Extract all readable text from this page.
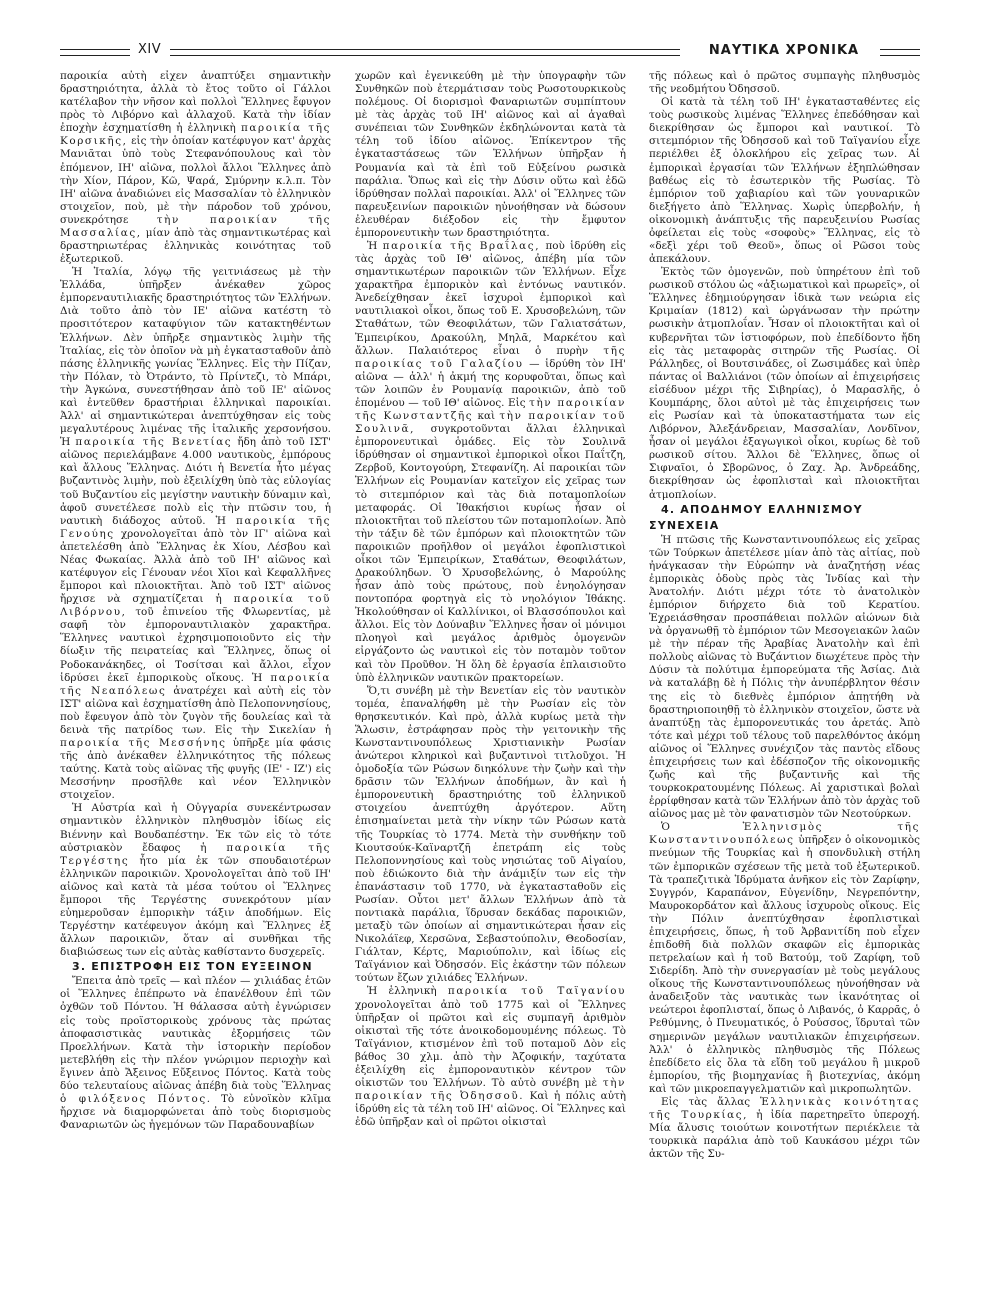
XIV	ΝΑΥΤΙΚΑ ΧΡΟΝΙΚΑ

παροικία αὐτὴ εἶχεν ἀναπτύξει σημαντικὴν δραστηριότητα, ἀλλὰ τὸ ἔτος τοῦτο οἱ Γάλλοι κατέλαβον τὴν νῆσον καὶ πολλοὶ Ἕλληνες ἔφυγον πρὸς τὸ Λιβόρνο καὶ ἀλλαχοῦ. Κατὰ τὴν ἰδίαν ἐποχὴν ἐσχηματίσθη ἡ ἑλληνικὴ παροικία τῆς Κορσικῆς, εἰς τὴν ὁποίαν κατέφυγον κατ' ἀρχὰς Μανιᾶται ὑπὸ τοὺς Στεφανόπουλους καὶ τὸν ἐπόμενον, ΙΗ' αἰῶνα, πολλοὶ ἄλλοι Ἕλληνες ἀπὸ τὴν Χίον, Πάρον, Κῶ, Ψαρά, Σμύρνην κ.λ.π. Τὸν ΙΗ' αἰῶνα ἀναδιώνει εἰς Μασσαλίαν τὸ ἑλληνικὸν στοιχεῖον, ποὺ, μὲ τὴν πάροδον τοῦ χρόνου, συνεκρότησε	τὴν παροικίαν τῆς Μασσαλίας, μίαν ἀπὸ τὰς σημαντικωτέρας καὶ δραστηριωτέρας ἑλληνικὰς κοινότητας τοῦ ἐξωτερικοῦ.

Ἡ Ἰταλία, λόγῳ τῆς γειτνιάσεως μὲ τὴν Ἑλλάδα, ὑπῆρξεν ἀνέκαθεν χῶρος ἐμπορεναυτιλιακῆς δραστηριότητος τῶν Ἑλλήνων. Διὰ τοῦτο ἀπὸ τὸν ΙΕ' αἰῶνα κατέστη τὸ προσιτότερον καταφύγιον τῶν κατακτηθέντων Ἑλλήνων. Δὲν ὑπῆρξε σημαντικὸς λιμὴν τῆς Ἰταλίας, εἰς τὸν ὁποῖον νὰ μὴ ἐγκατασταθοῦν ἀπὸ πάσης ἑλληνικῆς γωνίας Ἕλληνες. Εἰς τὴν Πίζαν, τὴν Πόλαν, τὸ Ὀτράντο, τὸ Πρίντεζι, τὸ Μπάρι, τὴν Ἀγκώνα, συνεστήθησαν ἀπὸ τοῦ ΙΕ' αἰῶνος καὶ ἐντεῦθεν δραστήριαι ἑλληνικαὶ παροικίαι. Ἀλλ' αἱ σημαντικώτεραι ἀνεπτύχθησαν εἰς τοὺς μεγαλυτέρους λιμένας τῆς ἰταλικῆς χερσονήσου. Ἡ παροικία τῆς Βενετίας ἤδη ἀπὸ τοῦ ΙΣΤ' αἰῶνος περιελάμβανε 4.000 ναυτικοὺς, ἐμπόρους καὶ ἄλλους Ἕλληνας. Διότι ἡ Βενετία ἦτο μέγας βυζαντινὸς λιμὴν, ποὺ ἐξειλίχθη ὑπὸ τὰς εὐλογίας τοῦ Βυζαντίου εἰς μεγίστην ναυτικὴν δύναμιν καὶ, ἀφοῦ συνετέλεσε πολὺ εἰς τὴν πτῶσιν του, ἡ ναυτικὴ διάδοχος αὐτοῦ. Ἡ παροικία τῆς Γενούης χρονολογεῖται ἀπὸ τὸν ΙΓ' αἰῶνα καὶ ἀπετελέσθη ἀπὸ Ἕλληνας ἐκ Χίου, Λέσβου καὶ Νέας Φωκαίας. Ἀλλὰ ἀπὸ τοῦ ΙΗ' αἰῶνος καὶ κατέφυγον εἰς Γένουαν νέοι Χῖοι καὶ Κεφαλλῆνες ἔμποροι καὶ πλοιοκτῆται. Ἀπὸ τοῦ ΙΣΤ' αἰῶνος ἤρχισε νὰ σχηματίζεται ἡ παροικία τοῦ Λιβόρνου, τοῦ ἐπινείου τῆς Φλωρεντίας, μὲ σαφῆ τὸν ἐμποροναυτιλιακὸν χαρακτῆρα. Ἕλληνες ναυτικοὶ ἐχρησιμοποιοῦντο εἰς τὴν δίωξιν τῆς πειρατείας καὶ Ἕλληνες, ὅπως οἱ Ροδοκανάκηδες, οἱ Τοσίτσαι καὶ ἄλλοι, εἶχον ἱδρύσει ἐκεῖ ἐμπορικοὺς οἴκους. Ἡ παροικία τῆς Νεαπόλεως ἀνατρέχει καὶ αὐτὴ εἰς τὸν ΙΣΤ' αἰῶνα καὶ ἐσχηματίσθη ἀπὸ Πελοποννησίους, ποὺ ἔφευγον ἀπὸ τὸν ζυγὸν τῆς δουλείας καὶ τὰ δεινὰ τῆς πατρίδος των. Εἰς τὴν Σικελίαν ἡ παροικία τῆς Μεσσήνης ὑπῆρξε μία φάσις τῆς ἀπὸ ἀνέκαθεν ἑλληνικότητος τῆς πόλεως ταύτης. Κατὰ τοὺς αἰῶνας τῆς φυγῆς (ΙΕ' - ΙΖ') εἰς Μεσσήνην προσῆλθε καὶ νέον Ἑλληνικὸν στοιχεῖον.

Ἡ Αὐστρία καὶ ἡ Οὐγγαρία συνεκέντρωσαν σημαντικὸν ἑλληνικὸν πληθυσμὸν ἰδίως εἰς Βιέννην καὶ Βουδαπέστην. Ἐκ τῶν εἰς τὸ τότε αὐστριακὸν ἔδαφος ἡ παροικία τῆς Τεργέστης ἦτο μία ἐκ τῶν σπουδαιοτέρων ἑλληνικῶν παροικιῶν. Χρονολογεῖται ἀπὸ τοῦ ΙΗ' αἰῶνος καὶ κατὰ τὰ μέσα τούτου οἱ Ἕλληνες ἔμποροι τῆς Τεργέστης συνεκρότουν μίαν εὐημεροῦσαν ἐμπορικὴν τάξιν ἀποδήμων. Εἰς Τεργέστην κατέφευγον ἀκόμη καὶ Ἕλληνες ἐξ ἄλλων παροικιῶν, ὅταν αἱ συνθῆκαι τῆς διαβιώσεως των εἰς αὐτὰς καθίσταντο δυσχερεῖς.

3. ΕΠΙΣΤΡΟΦΗ ΕΙΣ ΤΟΝ ΕΥΞΕΙΝΟΝ

Ἔπειτα ἀπὸ τρεῖς — καὶ πλέον — χιλιάδας ἐτῶν οἱ Ἕλληνες ἐπέπρωτο νὰ ἐπανέλθουν ἐπὶ τῶν ὀχθῶν τοῦ Πόντου. Ἡ θάλασσα αὐτὴ ἐγνώρισεν εἰς τοὺς προϊστορικοὺς χρόνους τὰς πρώτας ἀποφασιστικὰς ναυτικὰς ἐξορμήσεις τῶν Προελλήνων. Κατὰ τὴν ἱστορικὴν περίοδον μετεβλήθη εἰς τὴν πλέον γνώριμον περιοχὴν καὶ ἔγινεν ἀπὸ Ἄξεινος Εὔξεινος Πόντος. Κατὰ τοὺς δύο τελευταίους αἰῶνας ἀπέβη διὰ τοὺς Ἕλληνας ὁ φιλόξενος Πόντος. Τὸ εὐνοϊκὸν κλῖμα ἤρχισε νὰ διαμορφώνεται ἀπὸ τοὺς διορισμοὺς Φαναριωτῶν ὡς ἡγεμόνων τῶν Παραδουναβίων

χωρῶν καὶ ἐγενικεύθη μὲ τὴν ὑπογραφὴν τῶν Συνθηκῶν ποὺ ἐτερμάτισαν τοὺς Ρωσοτουρκικοὺς πολέμους. Οἱ διορισμοὶ Φαναριωτῶν συμπίπτουν μὲ τὰς ἀρχὰς τοῦ ΙΗ' αἰῶνος καὶ αἱ ἀγαθαὶ συνέπειαι τῶν Συνθηκῶν ἐκδηλώνονται κατὰ τὰ τέλη τοῦ ἰδίου αἰῶνος. Ἐπίκεντρον τῆς ἐγκαταστάσεως τῶν Ἑλλήνων ὑπῆρξαν ἡ Ρουμανία καὶ τὰ ἐπὶ τοῦ Εὐξείνου ρωσικὰ παράλια. Ὅπως καὶ εἰς τὴν Δύσιν οὕτω καὶ ἐδῶ ἱδρύθησαν πολλαὶ παροικίαι. Ἀλλ' οἱ Ἕλληνες τῶν παρευξεινίων παροικιῶν ηὐνοήθησαν νὰ δώσουν ἐλευθέραν διέξοδον εἰς τὴν ἔμφυτον ἐμπορονευτικὴν των δραστηριότητα.

Ἡ παροικία τῆς Βραΐλας, ποὺ ἱδρύθη εἰς τὰς ἀρχὰς τοῦ ΙΘ' αἰῶνος, ἀπέβη μία τῶν σημαντικωτέρων παροικιῶν τῶν Ἑλλήνων. Εἶχε χαρακτῆρα ἐμπορικὸν καὶ ἐντόνως ναυτικόν. Ἀνεδείχθησαν ἐκεῖ ἰσχυροὶ ἐμπορικοὶ καὶ ναυτιλιακοὶ οἶκοι, ὅπως τοῦ Ε. Χρυσοβελώνη, τῶν Σταθάτων, τῶν Θεοφιλάτων, τῶν Γαλιατσάτων, Ἐμπειρίκου, Δρακούλη, Μηλᾶ, Μαρκέτου καὶ ἄλλων. Παλαιότερος εἶναι ὁ πυρὴν τῆς παροικίας τοῦ Γαλαζίου — ἱδρύθη τὸν ΙΗ' αἰῶνα — ἀλλ' ἡ ἀκμή της κορυφοῦται, ὅπως καὶ τῶν λοιπῶν ἐν Ρουμανίᾳ παροικιῶν, ἀπὸ τοῦ ἐπομένου — τοῦ ΙΘ' αἰῶνος. Εἰς τὴν παροικίαν τῆς Κωνσταντζῆς καὶ τὴν παροικίαν τοῦ Σουλινᾶ, συγκροτοῦνται ἄλλαι ἑλληνικαὶ ἐμπορονευτικαὶ ὁμάδες. Εἰς τὸν Σουλινᾶ ἱδρύθησαν οἱ σημαντικοὶ ἐμπορικοὶ οἶκοι Παΐτζη, Ζερβοῦ, Κοντογούρη, Στεφανίζη. Αἱ παροικίαι τῶν Ἑλλήνων εἰς Ρουμανίαν κατεῖχον εἰς χεῖρας των τὸ σιτεμπόριον καὶ τὰς διὰ ποταμοπλοίων μεταφοράς. Οἱ Ἰθακήσιοι κυρίως ἦσαν οἱ πλοιοκτῆται τοῦ πλείστου τῶν ποταμοπλοίων. Ἀπὸ τὴν τάξιν δὲ τῶν ἐμπόρων καὶ πλοιοκτητῶν τῶν παροικιῶν προῆλθον οἱ μεγάλοι ἐφοπλιστικοὶ οἶκοι τῶν Ἐμπειρίκων, Σταθάτων, Θεοφιλάτων, Δρακούληδων. Ὁ Χρυσοβελώνης, ὁ Μαρούλης ἦσαν ἀπὸ τοὺς πρώτους, ποὺ ἐνηολόγησαν ποντοπόρα φορτηγὰ εἰς τὸ νηολόγιον Ἰθάκης. Ἠκολούθησαν οἱ Καλλίνικοι, οἱ Βλασσόπουλοι καὶ ἄλλοι. Εἰς τὸν Δούναβιν Ἕλληνες ἦσαν οἱ μόνιμοι πλοηγοὶ καὶ μεγάλος ἀριθμὸς ὁμογενῶν εἰργάζοντο ὡς ναυτικοὶ εἰς τὸν ποταμὸν τοῦτον καὶ τὸν Προῦθον. Ἡ ὅλη δὲ ἐργασία ἐπλαισιοῦτο ὑπὸ ἑλληνικῶν ναυτικῶν πρακτορείων.

Ὅ,τι συνέβη μὲ τὴν Βενετίαν εἰς τὸν ναυτικὸν τομέα, ἐπαναλήφθη μὲ τὴν Ρωσίαν εἰς τὸν θρησκευτικόν. Καὶ πρὸ, ἀλλὰ κυρίως μετὰ τὴν Ἅλωσιν, ἐστράφησαν πρὸς τὴν γειτονικὴν τῆς Κωνσταντινουπόλεως Χριστιανικὴν Ρωσίαν ἀνώτεροι κληρικοὶ καὶ βυζαντινοὶ τιτλοῦχοι. Ἡ ὁμοδοξία τῶν Ρώσων διηκόλυνε τὴν ζωὴν καὶ τὴν δρᾶσιν τῶν Ἑλλήνων ἀποδήμων, ἂν καὶ ἡ ἐμπορονευτικὴ δραστηριότης τοῦ ἑλληνικοῦ στοιχείου ἀνεπτύχθη ἀργότερον. Αὕτη ἐπισημαίνεται μετὰ τὴν νίκην τῶν Ρώσων κατὰ τῆς Τουρκίας τὸ 1774. Μετὰ τὴν συνθήκην τοῦ Κιουτσούκ-Καϊναρτζῆ ἐπετράπη εἰς τοὺς Πελοποννησίους καὶ τοὺς νησιώτας τοῦ Αἰγαίου, ποὺ ἐδιώκοντο διὰ τὴν ἀνάμιξίν των εἰς τὴν ἐπανάστασιν τοῦ 1770, νὰ ἐγκατασταθοῦν εἰς Ρωσίαν. Οὗτοι μετ' ἄλλων Ἑλλήνων ἀπὸ τὰ ποντιακὰ παράλια, ἵδρυσαν δεκάδας παροικιῶν, μεταξὺ τῶν ὁποίων αἱ σημαντικώτεραι ἦσαν εἰς Νικολάϊεφ, Χερσῶνα, Σεβαστούπολιν, Θεοδοσίαν, Γιάλταν, Κέρτς, Μαριούπολιν, καὶ ἰδίως εἰς Ταϊγάνιον καὶ Ὀδησσόν. Εἰς ἑκάστην τῶν πόλεων τούτων ἔζων χιλιάδες Ἑλλήνων.

Ἡ ἑλληνικὴ παροικία τοῦ Ταϊγανίου χρονολογεῖται ἀπὸ τοῦ 1775 καὶ οἱ Ἕλληνες ὑπῆρξαν οἱ πρῶτοι καὶ εἰς συμπαγῆ ἀριθμὸν οἰκισταὶ τῆς τότε ἀνοικοδομουμένης πόλεως. Τὸ Ταϊγάνιον, κτισμένον ἐπὶ τοῦ ποταμοῦ Δὸν εἰς βάθος 30 χλμ. ἀπὸ τὴν Ἀζοφικήν, ταχύτατα ἐξειλίχθη εἰς ἐμποροναυτικὸν κέντρον τῶν οἰκιστῶν του Ἑλλήνων. Τὸ αὐτὸ συνέβη μὲ τὴν παροικίαν τῆς Ὀδησσοῦ. Καὶ ἡ πόλις αὐτὴ ἱδρύθη εἰς τὰ τέλη τοῦ ΙΗ' αἰῶνος. Οἱ Ἕλληνες καὶ ἐδῶ ὑπῆρξαν καὶ οἱ πρῶτοι οἰκισταὶ

τῆς πόλεως καὶ ὁ πρῶτος συμπαγὴς πληθυσμὸς τῆς νεοδμήτου Ὀδησσοῦ.

Οἱ κατὰ τὰ τέλη τοῦ ΙΗ' ἐγκατασταθέντες εἰς τοὺς ρωσικοὺς λιμένας Ἕλληνες ἐπεδόθησαν καὶ διεκρίθησαν ὡς ἔμποροι καὶ ναυτικοί. Τὸ σιτεμπόριον τῆς Ὀδησσοῦ καὶ τοῦ Ταϊγανίου εἶχε περιέλθει ἐξ ὁλοκλήρου εἰς χεῖρας των. Αἱ ἐμπορικαὶ ἐργασίαι τῶν Ἑλλήνων ἐξηπλώθησαν βαθέως εἰς τὸ ἐσωτερικὸν τῆς Ρωσίας. Τὸ ἐμπόριον τοῦ χαβιαρίου καὶ τῶν γουναρικῶν διεξήγετο ἀπὸ Ἕλληνας. Χωρὶς ὑπερβολήν, ἡ οἰκονομικὴ ἀνάπτυξις τῆς παρευξεινίου Ρωσίας ὀφείλεται εἰς τοὺς «σοφοὺς» Ἕλληνας, εἰς τὸ «δεξὶ χέρι τοῦ Θεοῦ», ὅπως οἱ Ρῶσοι τοὺς ἀπεκάλουν.

Ἐκτὸς τῶν ὁμογενῶν, ποὺ ὑπηρέτουν ἐπὶ τοῦ ρωσικοῦ στόλου ὡς «ἀξιωματικοὶ καὶ πρωρεῖς», οἱ Ἕλληνες ἐδημιούργησαν ἰδικὰ των νεώρια εἰς Κριμαίαν (1812) καὶ ὠργάνωσαν τὴν πρώτην ρωσικὴν ἀτμοπλοΐαν. Ἦσαν οἱ πλοιοκτῆται καὶ οἱ κυβερνῆται τῶν ἱστιοφόρων, ποὺ ἐπεδίδοντο ἤδη εἰς τὰς μεταφορὰς σιτηρῶν τῆς Ρωσίας. Οἱ Ράλληδες, οἱ Βουτσινάδες, οἱ Ζωσιμάδες καὶ ὑπὲρ πάντας οἱ Βαλλιάνοι (τῶν ὁποίων αἱ ἐπιχειρήσεις εἰσέδυον μέχρι τῆς Σιβηρίας), ὁ Μαρασλῆς, ὁ Κουμπάρης, ὅλοι αὐτοὶ μὲ τὰς ἐπιχειρήσεις των εἰς Ρωσίαν καὶ τὰ ὑποκαταστήματα των εἰς Λιβόρνον, Ἀλεξάνδρειαν, Μασσαλίαν, Λονδῖνον, ἦσαν οἱ μεγάλοι ἐξαγωγικοὶ οἶκοι, κυρίως δὲ τοῦ ρωσικοῦ σίτου. Ἄλλοι δὲ Ἕλληνες, ὅπως οἱ Σιφναῖοι, ὁ Σβορῶνος, ὁ Ζαχ. Ἀρ. Ἀνδρεάδης, διεκρίθησαν ὡς ἐφοπλισταὶ καὶ πλοιοκτῆται ἀτμοπλοίων.

4. ΑΠΟΔΗΜΟΥ ΕΛΛΗΝΙΣΜΟΥ ΣΥΝΕΧΕΙΑ

Ἡ πτῶσις τῆς Κωνσταντινουπόλεως εἰς χεῖρας τῶν Τούρκων ἀπετέλεσε μίαν ἀπὸ τὰς αἰτίας, ποὺ ἠνάγκασαν τὴν Εὐρώπην νὰ ἀναζητήσῃ νέας ἐμπορικὰς ὁδοὺς πρὸς τὰς Ἰνδίας καὶ τὴν Ἀνατολήν. Διότι μέχρι τότε τὸ ἀνατολικὸν ἐμπόριον διήρχετο διὰ τοῦ Κερατίου. Ἐχρειάσθησαν προσπάθειαι πολλῶν αἰώνων διὰ νὰ ὀργανωθῇ τὸ ἐμπόριον τῶν Μεσογειακῶν λαῶν μὲ τὴν πέραν τῆς Ἀραβίας Ἀνατολὴν καὶ ἐπὶ πολλοὺς αἰῶνας τὸ Βυζάντιον διωχέτευε πρὸς τὴν Δύσιν τὰ πολύτιμα ἐμπορεύματα τῆς Ἀσίας. Διὰ νὰ καταλάβῃ δὲ ἡ Πόλις τὴν ἀνυπέρβλητον θέσιν της εἰς τὸ διεθνὲς ἐμπόριον ἀπῃτήθη νὰ δραστηριοποιηθῇ τὸ ἑλληνικὸν στοιχεῖον, ὥστε νὰ ἀναπτύξῃ τὰς ἐμπορονευτικάς του ἀρετάς. Ἀπὸ τότε καὶ μέχρι τοῦ τέλους τοῦ παρελθόντος ἀκόμη αἰῶνος οἱ Ἕλληνες συνέχιζον τὰς παντὸς εἴδους ἐπιχειρήσεις των καὶ ἐδέσποζον τῆς οἰκονομικῆς ζωῆς καὶ τῆς βυζαντινῆς καὶ τῆς τουρκοκρατουμένης Πόλεως. Αἱ χαριστικαὶ βολαὶ ἐρρίφθησαν κατὰ τῶν Ἑλλήνων ἀπὸ τὸν ἀρχὰς τοῦ αἰῶνος μας μὲ τὸν φανατισμὸν τῶν Νεοτούρκων.

Ὁ	Ἑλληνισμὸς τῆς Κωνσταντινουπόλεως ὑπῆρξεν ὁ οἰκονομικὸς πνεύμων τῆς Τουρκίας καὶ ἡ σπονδυλικὴ στήλη τῶν ἐμπορικῶν σχέσεων τῆς μετὰ τοῦ ἐξωτερικοῦ. Τὰ τραπεζιτικὰ Ἱδρύματα ἀνῆκον εἰς τὸν Ζαρίφην, Συγγρόν, Καραπάνον, Εὐγενίδην, Νεγρεπόντην, Μαυροκορδάτον καὶ ἄλλους ἰσχυροὺς οἴκους. Εἰς τὴν Πόλιν ἀνεπτύχθησαν ἐφοπλιστικαὶ ἐπιχειρήσεις, ὅπως, ἡ τοῦ Ἀρβανιτίδη ποὺ εἶχεν ἐπιδοθῆ διὰ πολλῶν σκαφῶν εἰς ἐμπορικὰς πετρελαίων καὶ ἡ τοῦ Βατούμ, τοῦ Ζαρίφη, τοῦ Σιδερίδη. Ἀπὸ τὴν συνεργασίαν μὲ τοὺς μεγάλους οἴκους τῆς Κωνσταντινουπόλεως ηὐνοήθησαν νὰ ἀναδειξοῦν τὰς ναυτικὰς των ἱκανότητας οἱ νεώτεροι ἐφοπλισταί, ὅπως ὁ Λιβανός, ὁ Καρρᾶς, ὁ Ρεθύμνης, ὁ Πνευματικός, ὁ Ρούσσος, ἵδρυταὶ τῶν σημερινῶν μεγάλων ναυτιλιακῶν ἐπιχειρήσεων. Ἀλλ' ὁ ἑλληνικὸς πληθυσμὸς τῆς Πόλεως ἐπεδίδετο εἰς ὅλα τὰ εἴδη τοῦ μεγάλου ἢ μικροῦ ἐμπορίου, τῆς βιομηχανίας ἢ βιοτεχνίας, ἀκόμη καὶ τῶν μικροεπαγγελματιῶν καὶ μικροπωλητῶν.

Εἰς τὰς ἄλλας Ἑλληνικὰς κοινότητας τῆς Τουρκίας, ἡ ἰδία παρετηρεῖτο ὑπεροχή. Μία ἄλυσις τοιούτων κοινοτήτων περιέκλειε τὰ τουρκικὰ παράλια ἀπὸ τοῦ Καυκάσου μέχρι τῶν ἀκτῶν τῆς Συ-
